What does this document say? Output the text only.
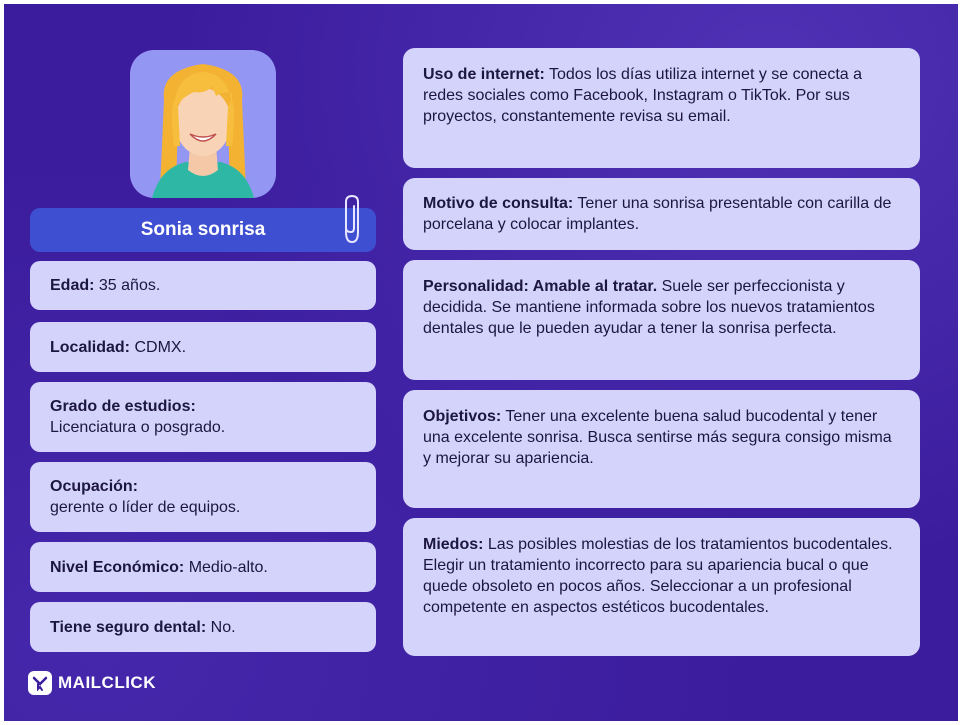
Sonia sonrisa
Edad: 35 años.
Localidad: CDMX.
Grado de estudios:
Licenciatura o posgrado.
Ocupación:
gerente o líder de equipos.
Nivel Económico: Medio-alto.
Tiene seguro dental: No.

Uso de internet: Todos los días utiliza internet y se conecta a redes sociales como Facebook, Instagram o TikTok. Por sus proyectos, constantemente revisa su email.

Motivo de consulta: Tener una sonrisa presentable con carilla de porcelana y colocar implantes.

Personalidad: Amable al tratar. Suele ser perfeccionista y decidida. Se mantiene informada sobre los nuevos tratamientos dentales que le pueden ayudar a tener la sonrisa perfecta.

Objetivos: Tener una excelente buena salud bucodental y tener una excelente sonrisa. Busca sentirse más segura consigo misma y mejorar su apariencia.

Miedos: Las posibles molestias de los tratamientos bucodentales. Elegir un tratamiento incorrecto para su apariencia bucal o que quede obsoleto en pocos años. Seleccionar a un profesional competente en aspectos estéticos bucodentales.

MAILCLICK
